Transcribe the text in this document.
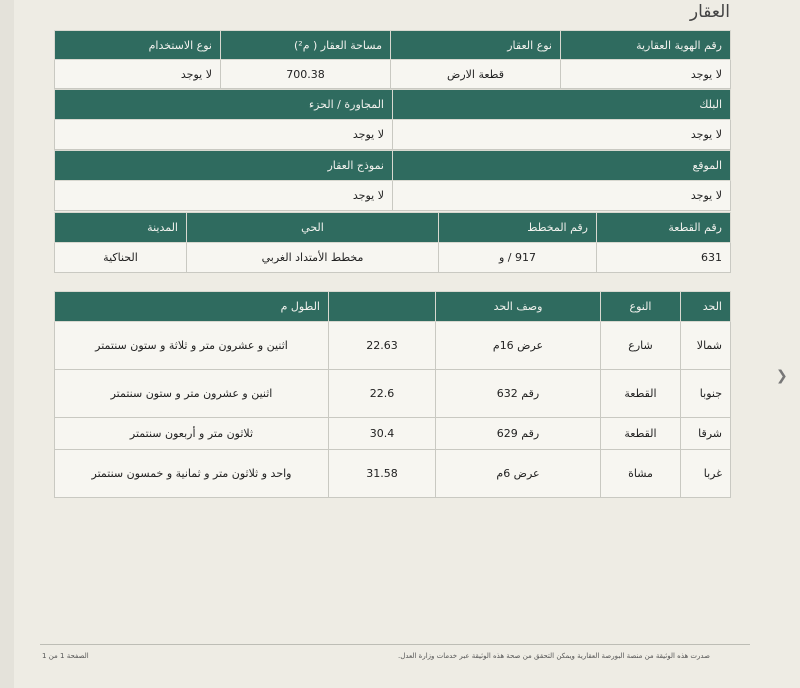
العقار
رقم الهوية العقارية	نوع العقار	مساحة العقار ( م²)	نوع الاستخدام
لا يوجد	قطعة الارض	700.38	لا يوجد
البلك	المجاورة / الحزء
لا يوجد	لا يوجد
الموقع	نموذج العقار
لا يوجد	لا يوجد
رقم القطعة	رقم المخطط	الحي	المدينة
631	917 / و	مخطط الأمتداد الغربي	الحناكية
الحد	النوع	وصف الحد		الطول م
شمالا	شارع	عرض 16م	22.63	اثنين و عشرون متر و ثلاثة و ستون سنتمتر
جنوبا	القطعة	رقم 632	22.6	اثنين و عشرون متر و ستون سنتمتر
شرقا	القطعة	رقم 629	30.4	ثلاثون متر و أربعون سنتمتر
غربا	مشاة	عرض 6م	31.58	واحد و ثلاثون متر و ثمانية و خمسون سنتمتر
❯
صدرت هذه الوثيقة من منصة البورصة العقارية ويمكن التحقق من صحة هذه الوثيقة عبر خدمات وزارة العدل.
الصفحة 1 من 1
